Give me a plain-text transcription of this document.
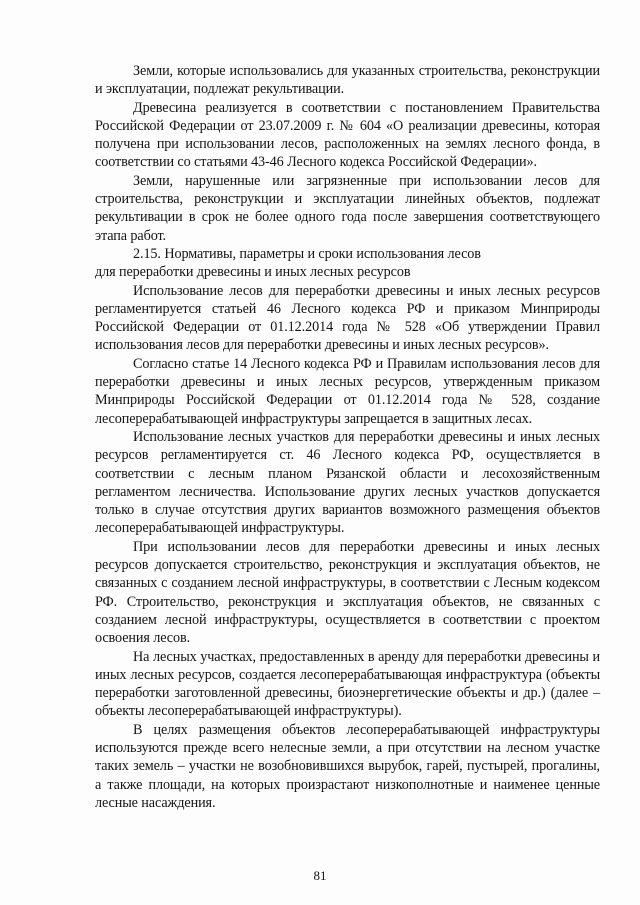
Земли, которые использовались для указанных строительства, реконструкции и эксплуатации, подлежат рекультивации.

Древесина реализуется в соответствии с постановлением Правительства Российской Федерации от 23.07.2009 г. № 604 «О реализации древесины, которая получена при использовании лесов, расположенных на землях лесного фонда, в соответствии со статьями 43-46 Лесного кодекса Российской Федерации».

Земли, нарушенные или загрязненные при использовании лесов для строительства, реконструкции и эксплуатации линейных объектов, подлежат рекультивации в срок не более одного года после завершения соответствующего этапа работ.

2.15. Нормативы, параметры и сроки использования лесов

для переработки древесины и иных лесных ресурсов

Использование лесов для переработки древесины и иных лесных ресурсов регламентируется статьей 46 Лесного кодекса РФ и приказом Минприроды Российской Федерации от 01.12.2014 года № 528 «Об утверждении Правил использования лесов для переработки древесины и иных лесных ресурсов».

Согласно статье 14 Лесного кодекса РФ и Правилам использования лесов для переработки древесины и иных лесных ресурсов, утвержденным приказом Минприроды Российской Федерации от 01.12.2014 года № 528, создание лесоперерабатывающей инфраструктуры запрещается в защитных лесах.

Использование лесных участков для переработки древесины и иных лесных ресурсов регламентируется ст. 46 Лесного кодекса РФ, осуществляется в соответствии с лесным планом Рязанской области и лесохозяйственным регламентом лесничества. Использование других лесных участков допускается только в случае отсутствия других вариантов возможного размещения объектов лесоперерабатывающей инфраструктуры.

При использовании лесов для переработки древесины и иных лесных ресурсов допускается строительство, реконструкция и эксплуатация объектов, не связанных с созданием лесной инфраструктуры, в соответствии с Лесным кодексом РФ. Строительство, реконструкция и эксплуатация объектов, не связанных с созданием лесной инфраструктуры, осуществляется в соответствии с проектом освоения лесов.

На лесных участках, предоставленных в аренду для переработки древесины и иных лесных ресурсов, создается лесоперерабатывающая инфраструктура (объекты переработки заготовленной древесины, биоэнергетические объекты и др.) (далее – объекты лесоперерабатывающей инфраструктуры).

В целях размещения объектов лесоперерабатывающей инфраструктуры используются прежде всего нелесные земли, а при отсутствии на лесном участке таких земель – участки не возобновившихся вырубок, гарей, пустырей, прогалины, а также площади, на которых произрастают низкополнотные и наименее ценные лесные насаждения.

81
